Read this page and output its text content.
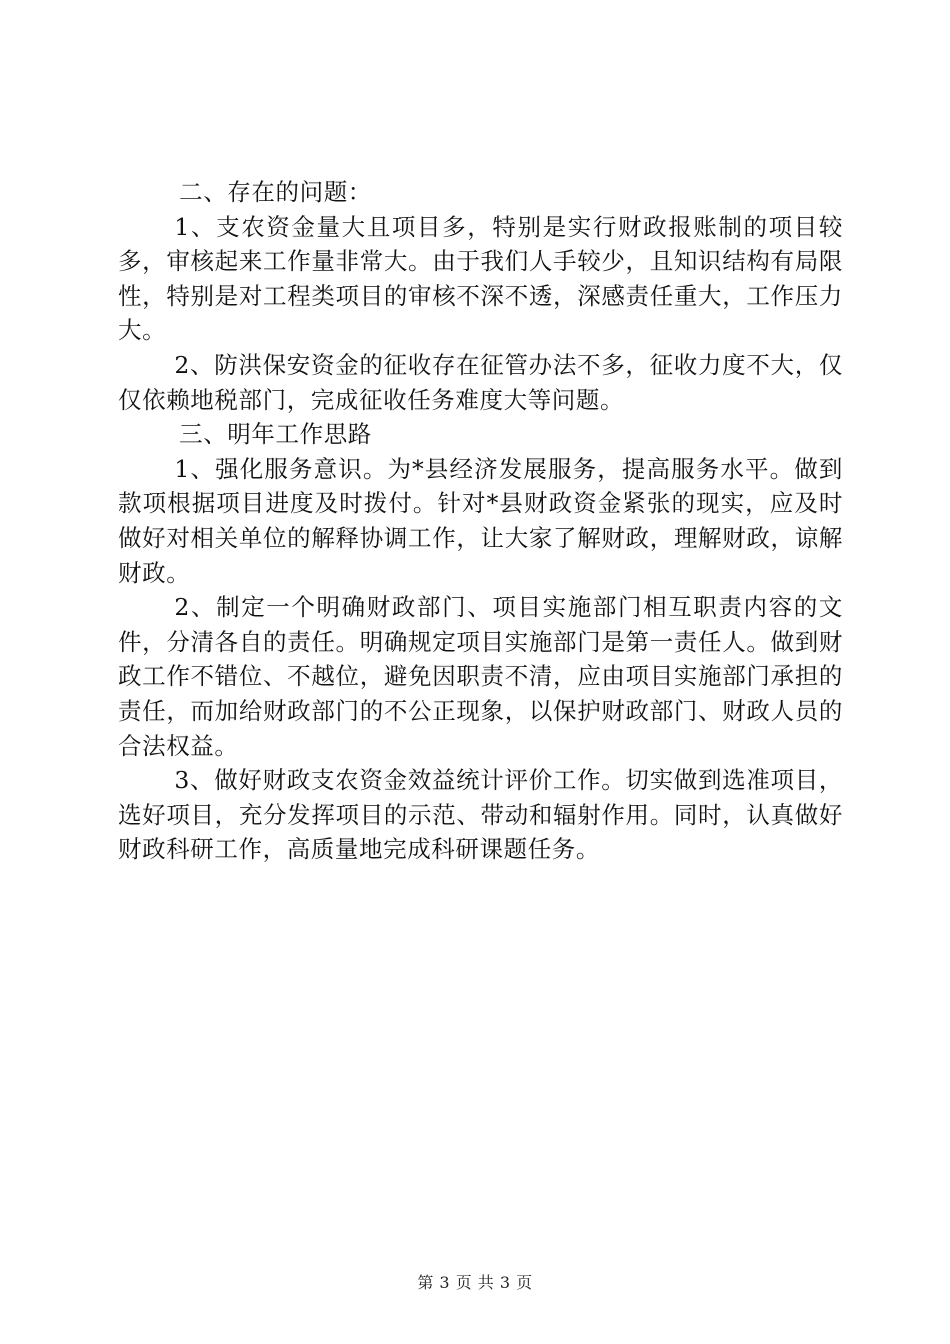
二、存在的问题：

1、支农资金量大且项目多，特别是实行财政报账制的项目较多，审核起来工作量非常大。由于我们人手较少，且知识结构有局限性，特别是对工程类项目的审核不深不透，深感责任重大，工作压力大。

2、防洪保安资金的征收存在征管办法不多，征收力度不大，仅仅依赖地税部门，完成征收任务难度大等问题。

三、明年工作思路

1、强化服务意识。为*县经济发展服务，提高服务水平。做到款项根据项目进度及时拨付。针对*县财政资金紧张的现实，应及时做好对相关单位的解释协调工作，让大家了解财政，理解财政，谅解财政。

2、制定一个明确财政部门、项目实施部门相互职责内容的文件，分清各自的责任。明确规定项目实施部门是第一责任人。做到财政工作不错位、不越位，避免因职责不清，应由项目实施部门承担的责任，而加给财政部门的不公正现象，以保护财政部门、财政人员的合法权益。

3、做好财政支农资金效益统计评价工作。切实做到选准项目，选好项目，充分发挥项目的示范、带动和辐射作用。同时，认真做好财政科研工作，高质量地完成科研课题任务。

第 3 页 共 3 页
